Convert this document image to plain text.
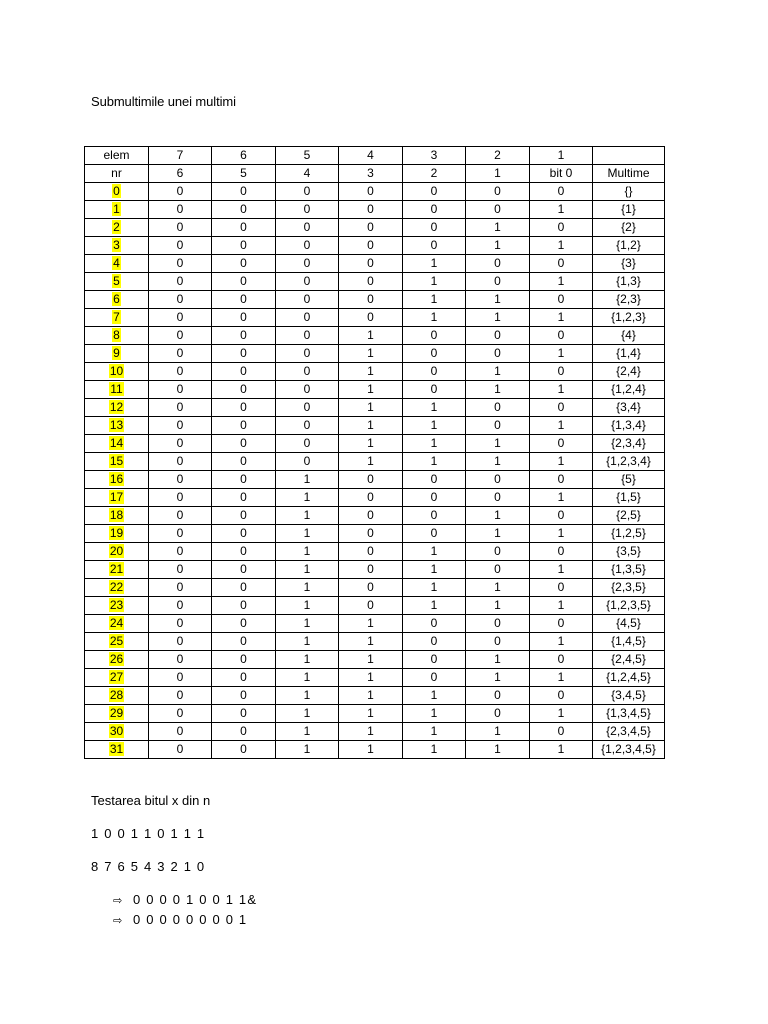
Submultimile unei multimi
elem	7	6	5	4	3	2	1	
nr	6	5	4	3	2	1	bit 0	Multime
0	0	0	0	0	0	0	0	{}
1	0	0	0	0	0	0	1	{1}
2	0	0	0	0	0	1	0	{2}
3	0	0	0	0	0	1	1	{1,2}
4	0	0	0	0	1	0	0	{3}
5	0	0	0	0	1	0	1	{1,3}
6	0	0	0	0	1	1	0	{2,3}
7	0	0	0	0	1	1	1	{1,2,3}
8	0	0	0	1	0	0	0	{4}
9	0	0	0	1	0	0	1	{1,4}
10	0	0	0	1	0	1	0	{2,4}
11	0	0	0	1	0	1	1	{1,2,4}
12	0	0	0	1	1	0	0	{3,4}
13	0	0	0	1	1	0	1	{1,3,4}
14	0	0	0	1	1	1	0	{2,3,4}
15	0	0	0	1	1	1	1	{1,2,3,4}
16	0	0	1	0	0	0	0	{5}
17	0	0	1	0	0	0	1	{1,5}
18	0	0	1	0	0	1	0	{2,5}
19	0	0	1	0	0	1	1	{1,2,5}
20	0	0	1	0	1	0	0	{3,5}
21	0	0	1	0	1	0	1	{1,3,5}
22	0	0	1	0	1	1	0	{2,3,5}
23	0	0	1	0	1	1	1	{1,2,3,5}
24	0	0	1	1	0	0	0	{4,5}
25	0	0	1	1	0	0	1	{1,4,5}
26	0	0	1	1	0	1	0	{2,4,5}
27	0	0	1	1	0	1	1	{1,2,4,5}
28	0	0	1	1	1	0	0	{3,4,5}
29	0	0	1	1	1	0	1	{1,3,4,5}
30	0	0	1	1	1	1	0	{2,3,4,5}
31	0	0	1	1	1	1	1	{1,2,3,4,5}
Testarea bitul x din n
1 0 0 1 1 0 1 1 1
8 7 6 5 4 3 2 1 0
⇨ 0 0 0 0 1 0 0 1 1&
⇨ 0 0 0 0 0 0 0 0 1
